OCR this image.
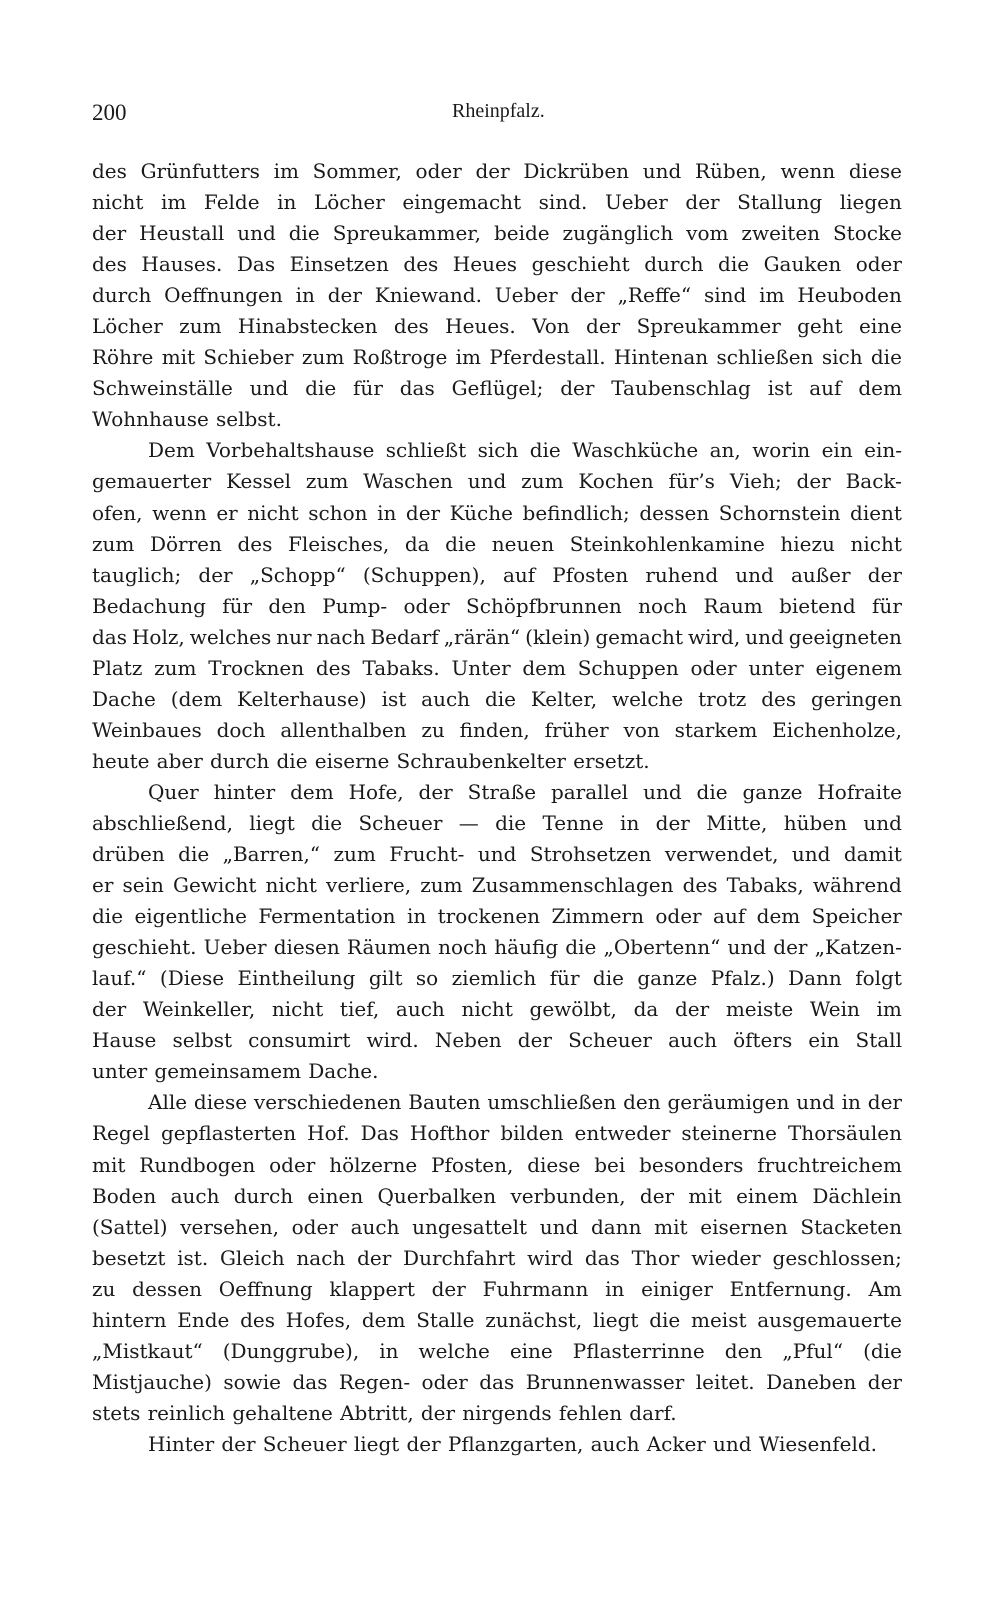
200	Rheinpfalz.
des Grünfutters im Sommer, oder der Dickrüben und Rüben, wenn diese
nicht im Felde in Löcher eingemacht sind. Ueber der Stallung liegen
der Heustall und die Spreukammer, beide zugänglich vom zweiten Stocke
des Hauses. Das Einsetzen des Heues geschieht durch die Gauken oder
durch Oeffnungen in der Kniewand. Ueber der „Reffe“ sind im Heuboden
Löcher zum Hinabstecken des Heues. Von der Spreukammer geht eine
Röhre mit Schieber zum Roßtroge im Pferdestall. Hintenan schließen sich die
Schweinställe und die für das Geflügel; der Taubenschlag ist auf dem
Wohnhause selbst.
Dem Vorbehaltshause schließt sich die Waschküche an, worin ein ein-
gemauerter Kessel zum Waschen und zum Kochen für’s Vieh; der Back-
ofen, wenn er nicht schon in der Küche befindlich; dessen Schornstein dient
zum Dörren des Fleisches, da die neuen Steinkohlenkamine hiezu nicht
tauglich; der „Schopp“ (Schuppen), auf Pfosten ruhend und außer der
Bedachung für den Pump- oder Schöpfbrunnen noch Raum bietend für
das Holz, welches nur nach Bedarf „rärän“ (klein) gemacht wird, und geeigneten
Platz zum Trocknen des Tabaks. Unter dem Schuppen oder unter eigenem
Dache (dem Kelterhause) ist auch die Kelter, welche trotz des geringen
Weinbaues doch allenthalben zu finden, früher von starkem Eichenholze,
heute aber durch die eiserne Schraubenkelter ersetzt.
Quer hinter dem Hofe, der Straße parallel und die ganze Hofraite
abschließend, liegt die Scheuer — die Tenne in der Mitte, hüben und
drüben die „Barren,“ zum Frucht- und Strohsetzen verwendet, und damit
er sein Gewicht nicht verliere, zum Zusammenschlagen des Tabaks, während
die eigentliche Fermentation in trockenen Zimmern oder auf dem Speicher
geschieht. Ueber diesen Räumen noch häufig die „Obertenn“ und der „Katzen-
lauf.“ (Diese Eintheilung gilt so ziemlich für die ganze Pfalz.) Dann folgt
der Weinkeller, nicht tief, auch nicht gewölbt, da der meiste Wein im
Hause selbst consumirt wird. Neben der Scheuer auch öfters ein Stall
unter gemeinsamem Dache.
Alle diese verschiedenen Bauten umschließen den geräumigen und in der
Regel gepflasterten Hof. Das Hofthor bilden entweder steinerne Thorsäulen
mit Rundbogen oder hölzerne Pfosten, diese bei besonders fruchtreichem
Boden auch durch einen Querbalken verbunden, der mit einem Dächlein
(Sattel) versehen, oder auch ungesattelt und dann mit eisernen Stacketen
besetzt ist. Gleich nach der Durchfahrt wird das Thor wieder geschlossen;
zu dessen Oeffnung klappert der Fuhrmann in einiger Entfernung. Am
hintern Ende des Hofes, dem Stalle zunächst, liegt die meist ausgemauerte
„Mistkaut“ (Dunggrube), in welche eine Pflasterrinne den „Pful“ (die
Mistjauche) sowie das Regen- oder das Brunnenwasser leitet. Daneben der
stets reinlich gehaltene Abtritt, der nirgends fehlen darf.
Hinter der Scheuer liegt der Pflanzgarten, auch Acker und Wiesenfeld.
